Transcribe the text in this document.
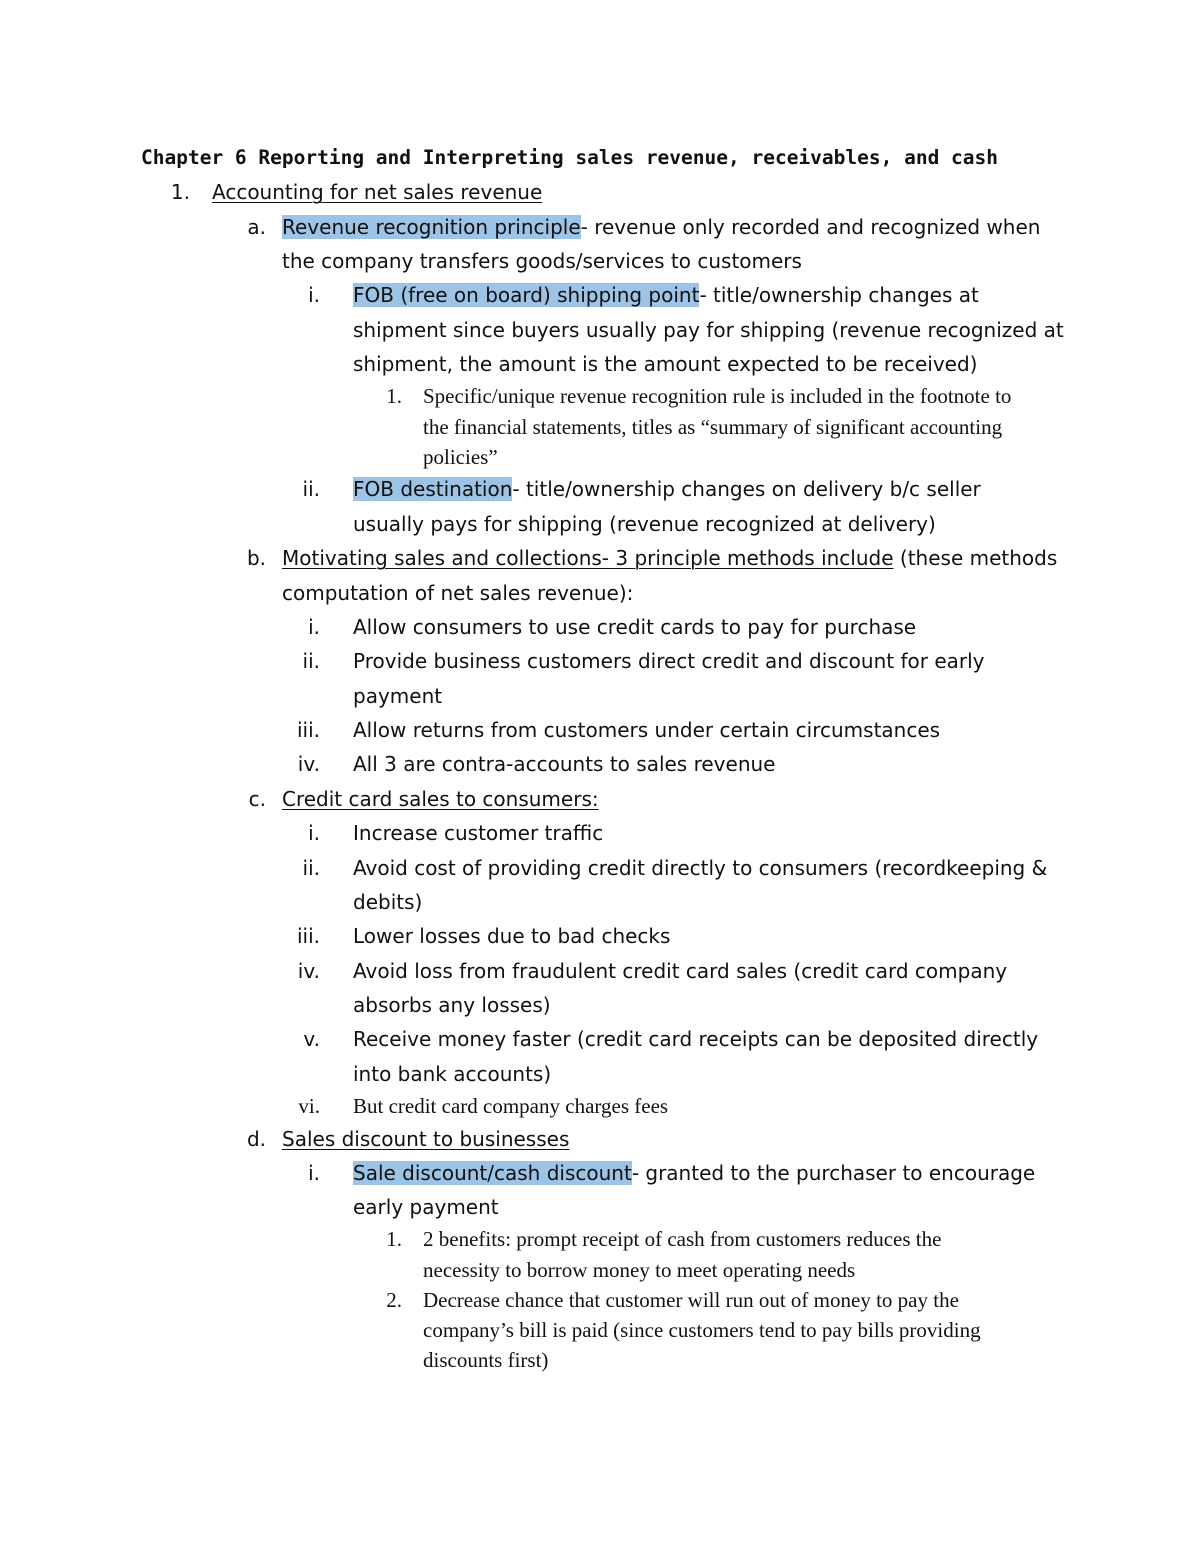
Chapter 6 Reporting and Interpreting sales revenue, receivables, and cash
1. Accounting for net sales revenue
a. Revenue recognition principle- revenue only recorded and recognized when
the company transfers goods/services to customers
i. FOB (free on board) shipping point- title/ownership changes at
shipment since buyers usually pay for shipping (revenue recognized at
shipment, the amount is the amount expected to be received)
1. Specific/unique revenue recognition rule is included in the footnote to
the financial statements, titles as “summary of significant accounting
policies”
ii. FOB destination- title/ownership changes on delivery b/c seller
usually pays for shipping (revenue recognized at delivery)
b. Motivating sales and collections- 3 principle methods include (these methods
computation of net sales revenue):
i. Allow consumers to use credit cards to pay for purchase
ii. Provide business customers direct credit and discount for early
payment
iii. Allow returns from customers under certain circumstances
iv. All 3 are contra-accounts to sales revenue
c. Credit card sales to consumers:
i. Increase customer traffic
ii. Avoid cost of providing credit directly to consumers (recordkeeping &
debits)
iii. Lower losses due to bad checks
iv. Avoid loss from fraudulent credit card sales (credit card company
absorbs any losses)
v. Receive money faster (credit card receipts can be deposited directly
into bank accounts)
vi. But credit card company charges fees
d. Sales discount to businesses
i. Sale discount/cash discount- granted to the purchaser to encourage
early payment
1. 2 benefits: prompt receipt of cash from customers reduces the
necessity to borrow money to meet operating needs
2. Decrease chance that customer will run out of money to pay the
company’s bill is paid (since customers tend to pay bills providing
discounts first)
